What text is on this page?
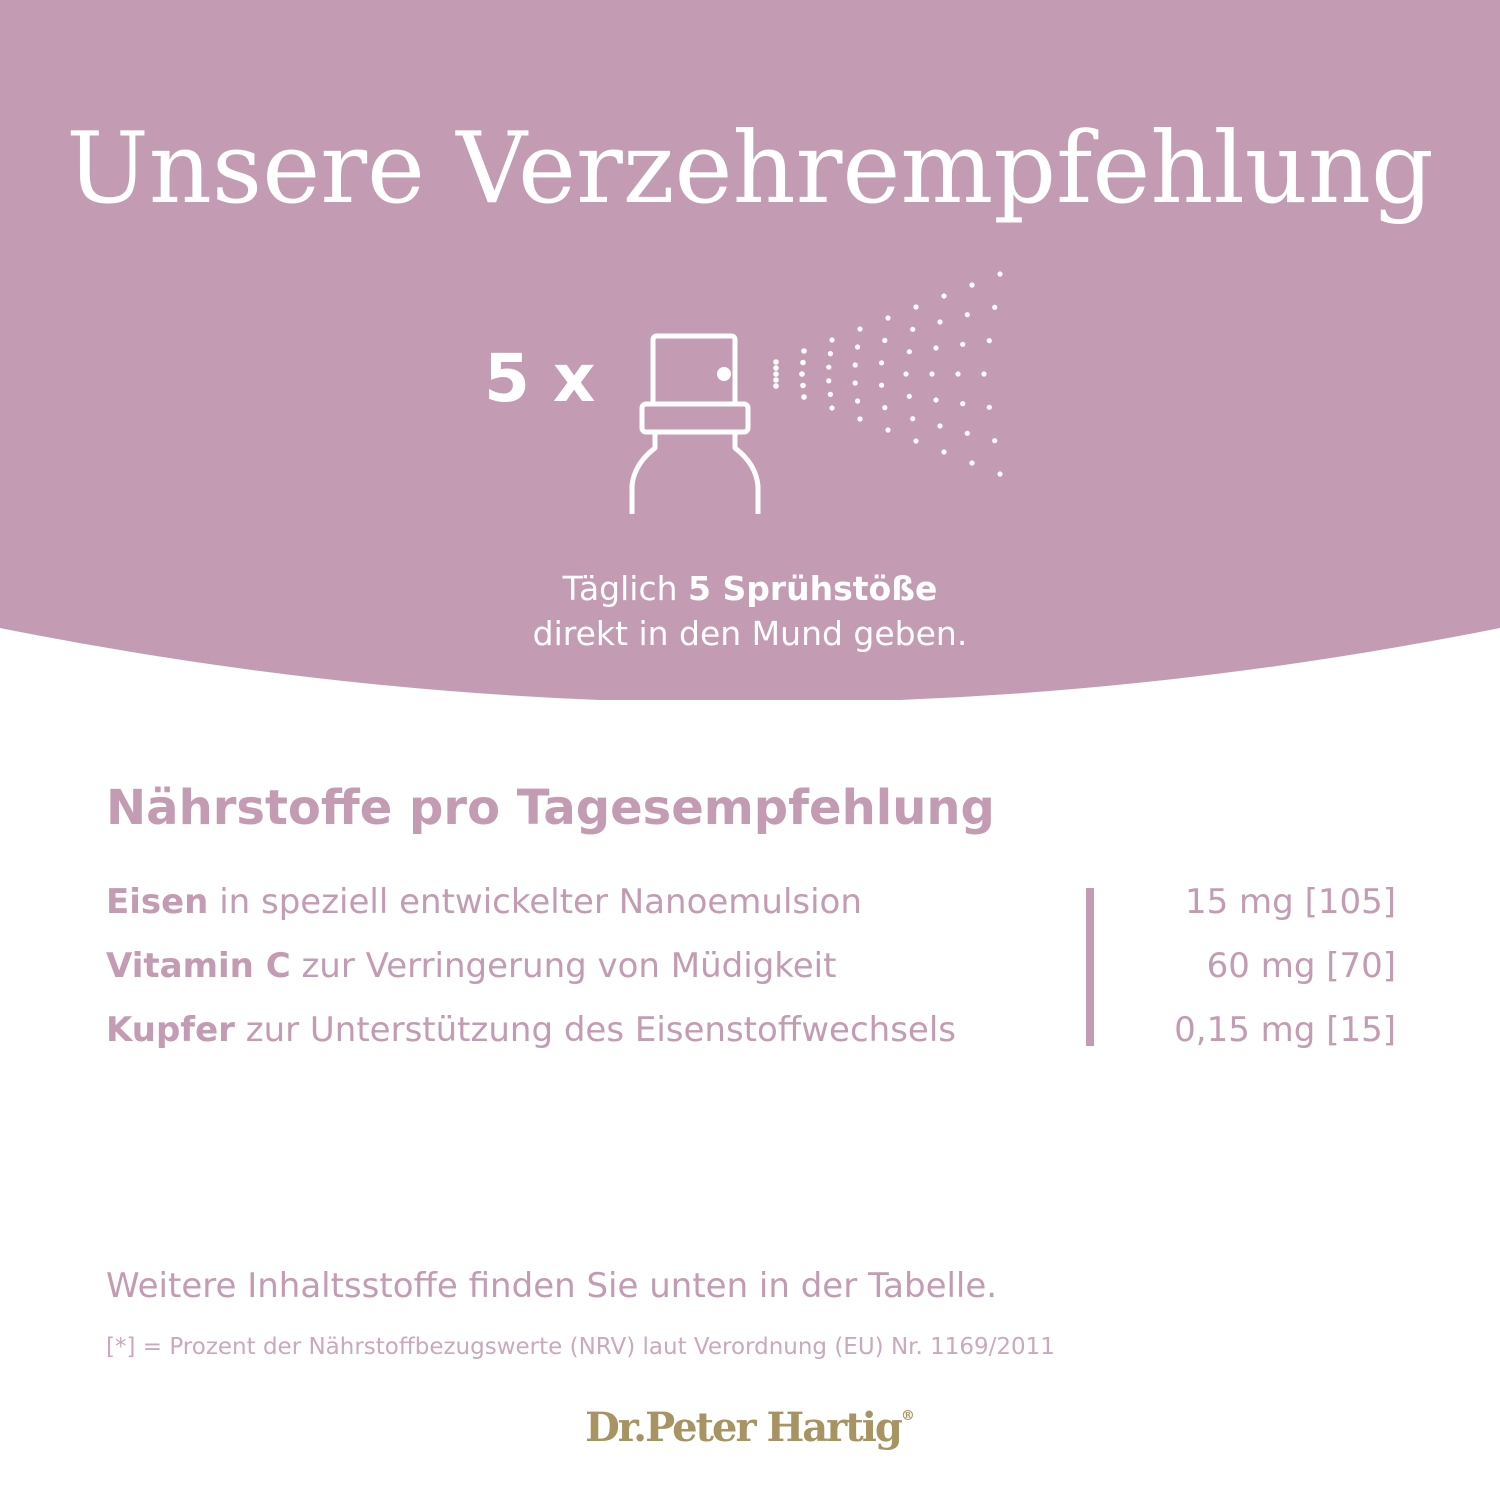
Unsere Verzehrempfehlung
5 x
Täglich 5 Sprühstöße
direkt in den Mund geben.
Nährstoffe pro Tagesempfehlung
Eisen in speziell entwickelter Nanoemulsion	15 mg [105]
Vitamin C zur Verringerung von Müdigkeit	60 mg [70]
Kupfer zur Unterstützung des Eisenstoffwechsels	0,15 mg [15]
Weitere Inhaltsstoffe finden Sie unten in der Tabelle.
[*] = Prozent der Nährstoffbezugswerte (NRV) laut Verordnung (EU) Nr. 1169/2011
Dr.Peter Hartig®
